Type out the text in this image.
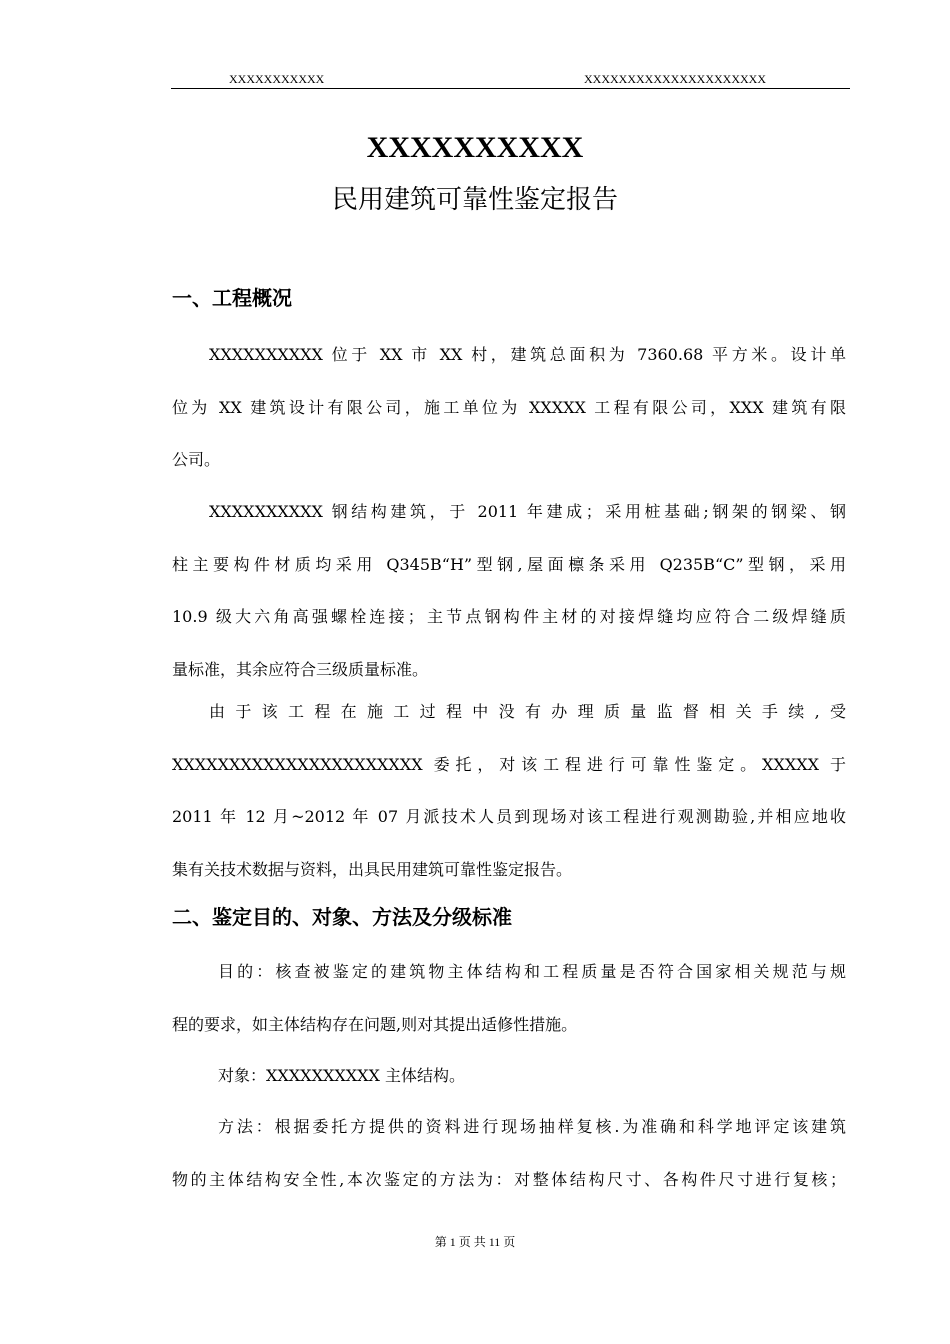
XXXXXXXXXXX	XXXXXXXXXXXXXXXXXXXXX
XXXXXXXXXX
民用建筑可靠性鉴定报告
一、工程概况
XXXXXXXXXX 位于 XX 市 XX 村，建筑总面积为 7360.68 平方米。设计单
位为 XX 建筑设计有限公司，施工单位为 XXXXX 工程有限公司，XXX 建筑有限
公司。
XXXXXXXXXX 钢结构建筑，于 2011 年建成；采用桩基础;钢架的钢梁、钢
柱主要构件材质均采用 Q345B“H”型钢,屋面檩条采用 Q235B“C”型钢，采用
10.9 级大六角高强螺栓连接；主节点钢构件主材的对接焊缝均应符合二级焊缝质
量标准，其余应符合三级质量标准。
由于该工程在施工过程中没有办理质量监督相关手续,受
XXXXXXXXXXXXXXXXXXXXXX 委托，对该工程进行可靠性鉴定。XXXXX 于
2011 年 12 月~2012 年 07 月派技术人员到现场对该工程进行观测勘验,并相应地收
集有关技术数据与资料，出具民用建筑可靠性鉴定报告。
二、鉴定目的、对象、方法及分级标准
目的：核查被鉴定的建筑物主体结构和工程质量是否符合国家相关规范与规
程的要求，如主体结构存在问题,则对其提出适修性措施。
对象：XXXXXXXXXX 主体结构。
方法：根据委托方提供的资料进行现场抽样复核.为准确和科学地评定该建筑
物的主体结构安全性,本次鉴定的方法为：对整体结构尺寸、各构件尺寸进行复核；
第 1 页 共 11 页
